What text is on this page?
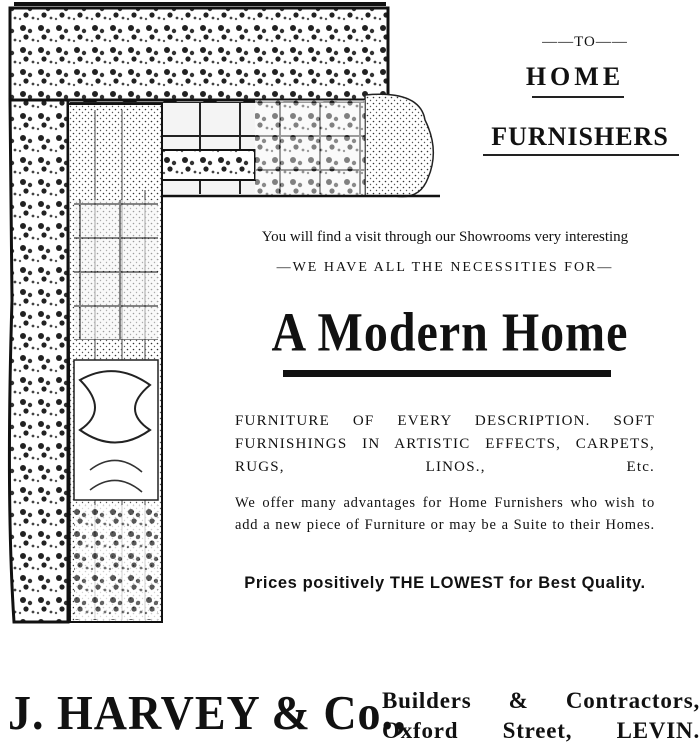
——TO——
HOME
FURNISHERS
You will find a visit through our Showrooms very interesting
—WE HAVE ALL THE NECESSITIES FOR—
A Modern Home
FURNITURE OF EVERY DESCRIPTION. SOFT FURNISHINGS IN ARTISTIC EFFECTS, CARPETS, RUGS, LINOS., Etc.
We offer many advantages for Home Furnishers who wish to add a new piece of Furniture or may be a Suite to their Homes.
Prices positively THE LOWEST for Best Quality.
J. HARVEY & Co.,
Builders & Contractors,
Oxford Street, LEVIN.
